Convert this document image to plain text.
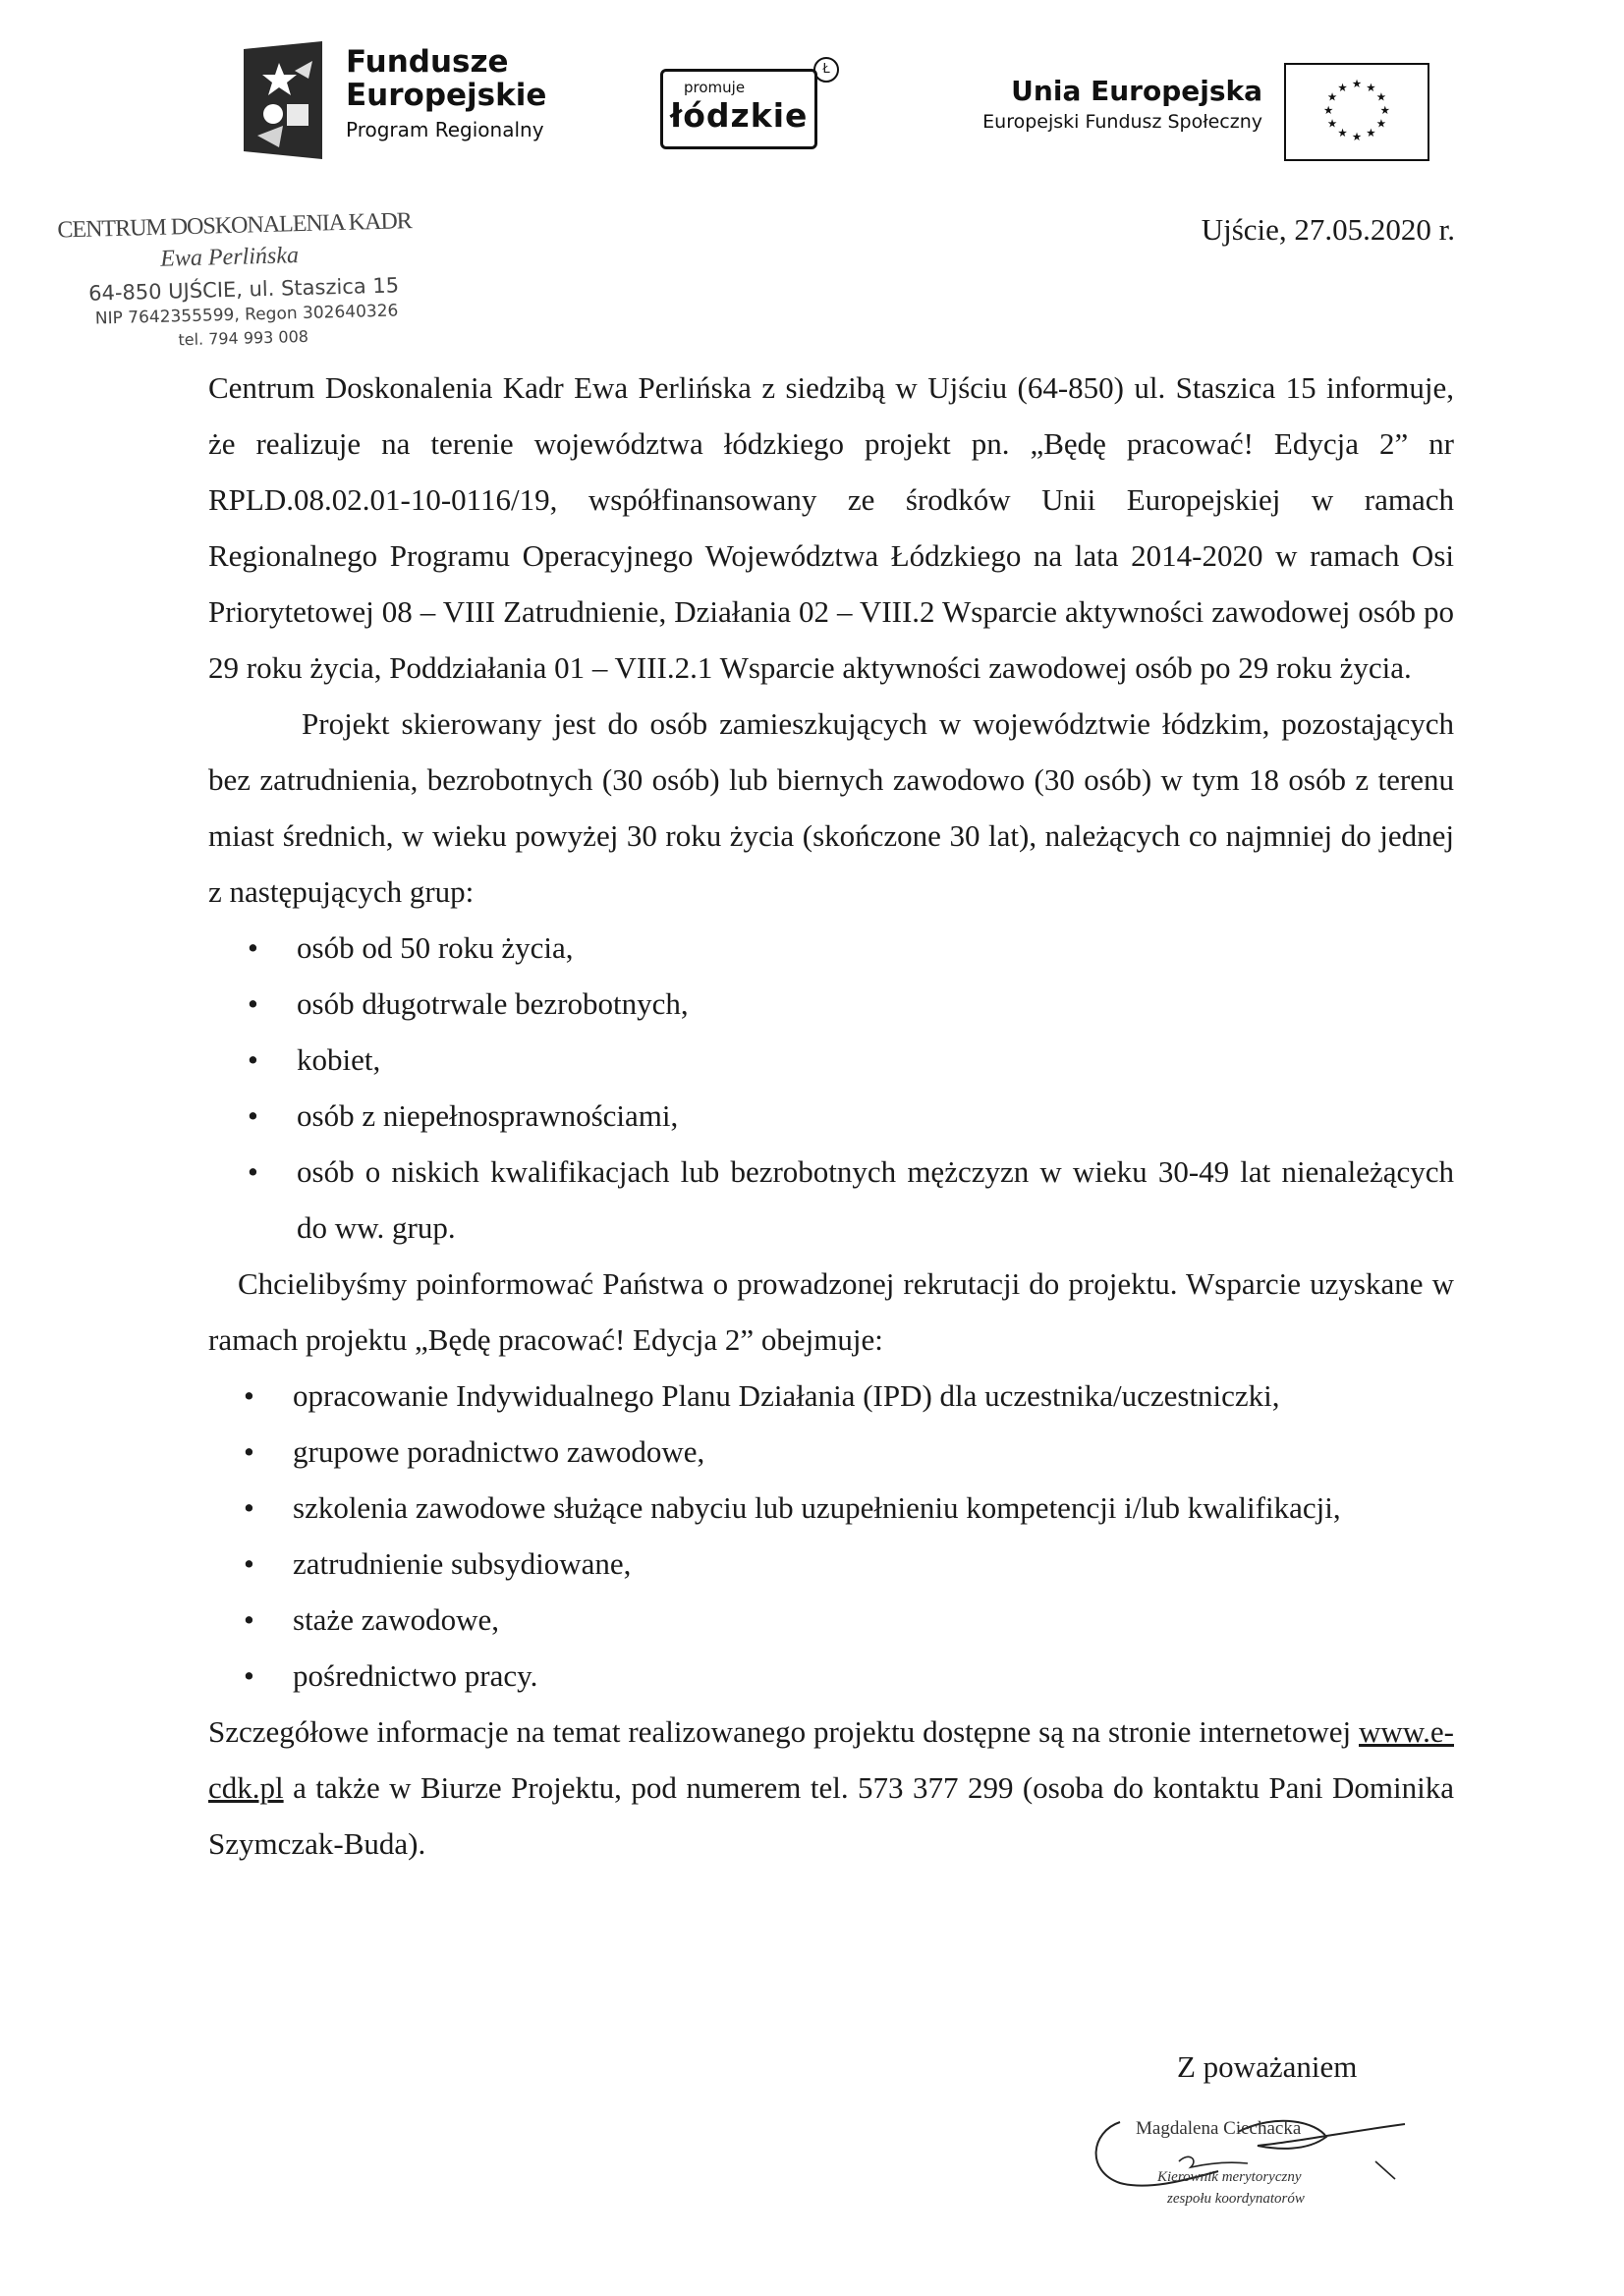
Fundusze
Europejskie
Program Regionalny
promuje
łódzkie
Ł
Unia Europejska
Europejski Fundusz Społeczny
★ ★
★
★
★
★
★
★
★
★
★
★
CENTRUM DOSKONALENIA KADR
Ewa Perlińska
64-850 UJŚCIE, ul. Staszica 15
NIP 7642355599, Regon 302640326
tel. 794 993 008
Ujście, 27.05.2020 r.

Centrum Doskonalenia Kadr Ewa Perlińska z siedzibą w Ujściu (64-850) ul. Staszica 15 informuje, że realizuje na terenie województwa łódzkiego projekt pn. „Będę pracować! Edycja 2” nr RPLD.08.02.01-10-0116/19, współfinansowany ze środków Unii Europejskiej w ramach Regionalnego Programu Operacyjnego Województwa Łódzkiego na lata 2014-2020 w ramach Osi Priorytetowej 08 – VIII Zatrudnienie, Działania 02 – VIII.2 Wsparcie aktywności zawodowej osób po 29 roku życia, Poddziałania 01 – VIII.2.1 Wsparcie aktywności zawodowej osób po 29 roku życia.

Projekt skierowany jest do osób zamieszkujących w województwie łódzkim, pozostających bez zatrudnienia, bezrobotnych (30 osób) lub biernych zawodowo (30 osób) w tym 18 osób z terenu miast średnich, w wieku powyżej 30 roku życia (skończone 30 lat), należących co najmniej do jednej z następujących grup:

• osób od 50 roku życia,
• osób długotrwale bezrobotnych,
• kobiet,
• osób z niepełnosprawnościami,
• osób o niskich kwalifikacjach lub bezrobotnych mężczyzn w wieku 30-49 lat nienależących do ww. grup.

Chcielibyśmy poinformować Państwa o prowadzonej rekrutacji do projektu. Wsparcie uzyskane w ramach projektu „Będę pracować! Edycja 2” obejmuje:

• opracowanie Indywidualnego Planu Działania (IPD) dla uczestnika/uczestniczki,
• grupowe poradnictwo zawodowe,
• szkolenia zawodowe służące nabyciu lub uzupełnieniu kompetencji i/lub kwalifikacji,
• zatrudnienie subsydiowane,
• staże zawodowe,
• pośrednictwo pracy.

Szczegółowe informacje na temat realizowanego projektu dostępne są na stronie internetowej www.e-cdk.pl a także w Biurze Projektu, pod numerem tel. 573 377 299 (osoba do kontaktu Pani Dominika Szymczak-Buda).

Z poważaniem
Magdalena Ciechacka
Kierownik merytoryczny
zespołu koordynatorów
